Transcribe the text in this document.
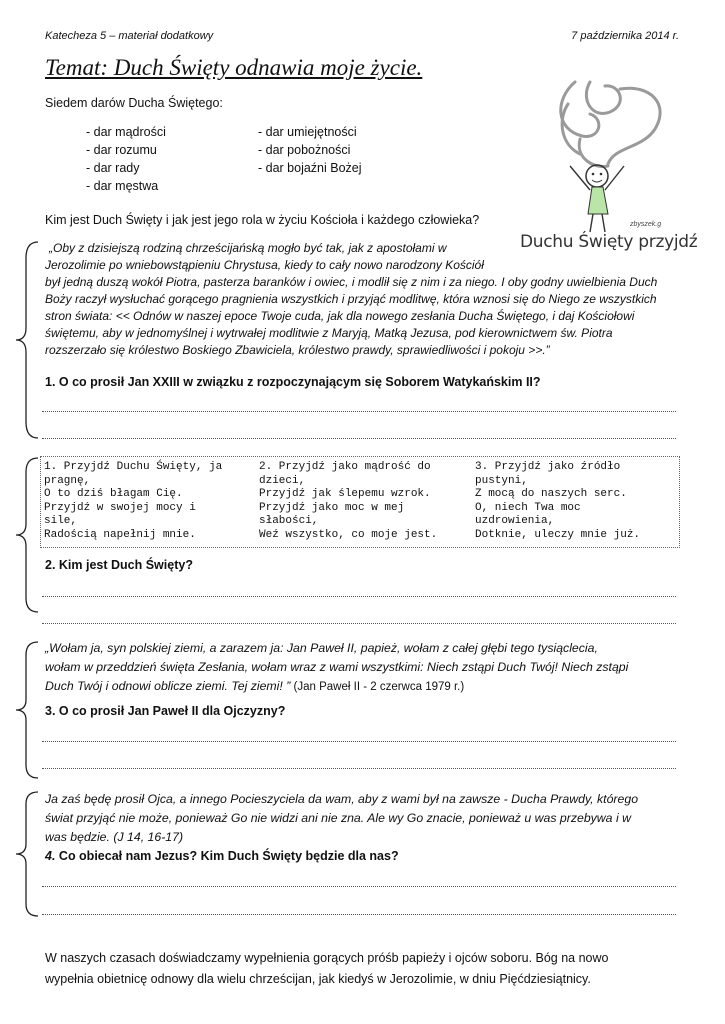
Katecheza 5 – materiał dodatkowy	7 października 2014 r.
Temat: Duch Święty odnawia moje życie.
Siedem darów Ducha Świętego:
- dar mądrości
- dar rozumu
- dar rady
- dar męstwa
- dar umiejętności
- dar pobożności
- dar bojaźni Bożej
zbyszek.g
Duchu Święty przyjdź
Kim jest Duch Święty i jak jest jego rola w życiu Kościoła i każdego człowieka?
„Oby z dzisiejszą rodziną chrześcijańską mogło być tak, jak z apostołami w
Jerozolimie po wniebowstąpieniu Chrystusa, kiedy to cały nowo narodzony Kościół
był jedną duszą wokół Piotra, pasterza baranków i owiec, i modlił się z nim i za niego. I oby godny uwielbienia Duch
Boży raczył wysłuchać gorącego pragnienia wszystkich i przyjąć modlitwę, która wznosi się do Niego ze wszystkich
stron świata: << Odnów w naszej epoce Twoje cuda, jak dla nowego zesłania Ducha Świętego, i daj Kościołowi
świętemu, aby w jednomyślnej i wytrwałej modlitwie z Maryją, Matką Jezusa, pod kierownictwem św. Piotra
rozszerzało się królestwo Boskiego Zbawiciela, królestwo prawdy, sprawiedliwości i pokoju >>.”
1. O co prosił Jan XXIII w związku z rozpoczynającym się Soborem Watykańskim II?
1. Przyjdź Duchu Święty, ja
pragnę,
O to dziś błagam Cię.
Przyjdź w swojej mocy i
sile,
Radością napełnij mnie.
2. Przyjdź jako mądrość do
dzieci,
Przyjdź jak ślepemu wzrok.
Przyjdź jako moc w mej
słabości,
Weź wszystko, co moje jest.
3. Przyjdź jako źródło
pustyni,
Z mocą do naszych serc.
O, niech Twa moc
uzdrowienia,
Dotknie, uleczy mnie już.
2. Kim jest Duch Święty?
„Wołam ja, syn polskiej ziemi, a zarazem ja: Jan Paweł II, papież, wołam z całej głębi tego tysiąclecia,
wołam w przeddzień święta Zesłania, wołam wraz z wami wszystkimi: Niech zstąpi Duch Twój! Niech zstąpi
Duch Twój i odnowi oblicze ziemi. Tej ziemi! ” (Jan Paweł II - 2 czerwca 1979 r.)
3. O co prosił Jan Paweł II dla Ojczyzny?
Ja zaś będę prosił Ojca, a innego Pocieszyciela da wam, aby z wami był na zawsze - Ducha Prawdy, którego
świat przyjąć nie może, ponieważ Go nie widzi ani nie zna. Ale wy Go znacie, ponieważ u was przebywa i w
was będzie. (J 14, 16-17)
4. Co obiecał nam Jezus? Kim Duch Święty będzie dla nas?
W naszych czasach doświadczamy wypełnienia gorących próśb papieży i ojców soboru. Bóg na nowo
wypełnia obietnicę odnowy dla wielu chrześcijan, jak kiedyś w Jerozolimie, w dniu Pięćdziesiątnicy.
